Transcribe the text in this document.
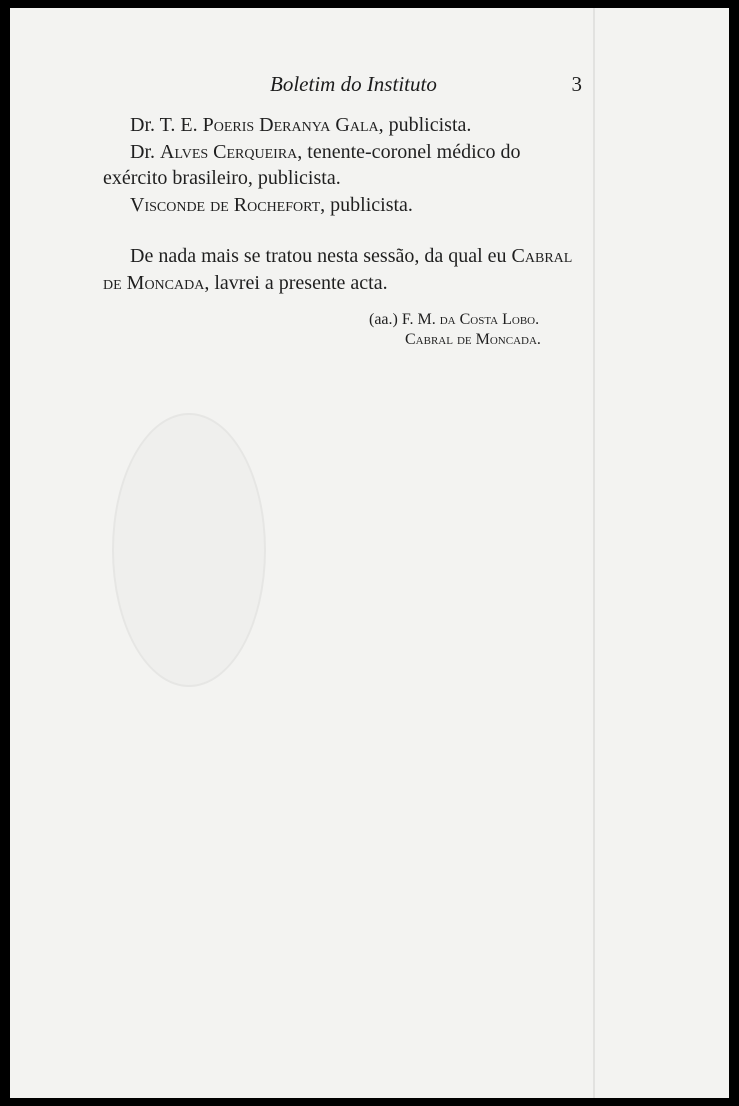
Boletim do Instituto	3

Dr. T. E. Poeris Deranya Gala, publicista.

Dr. Alves Cerqueira, tenente-coronel médico do exército brasileiro, publicista.

Visconde de Rochefort, publicista.

De nada mais se tratou nesta sessão, da qual eu Cabral de Moncada, lavrei a presente acta.

(aa.) F. M. da Costa Lobo.
Cabral de Moncada.
